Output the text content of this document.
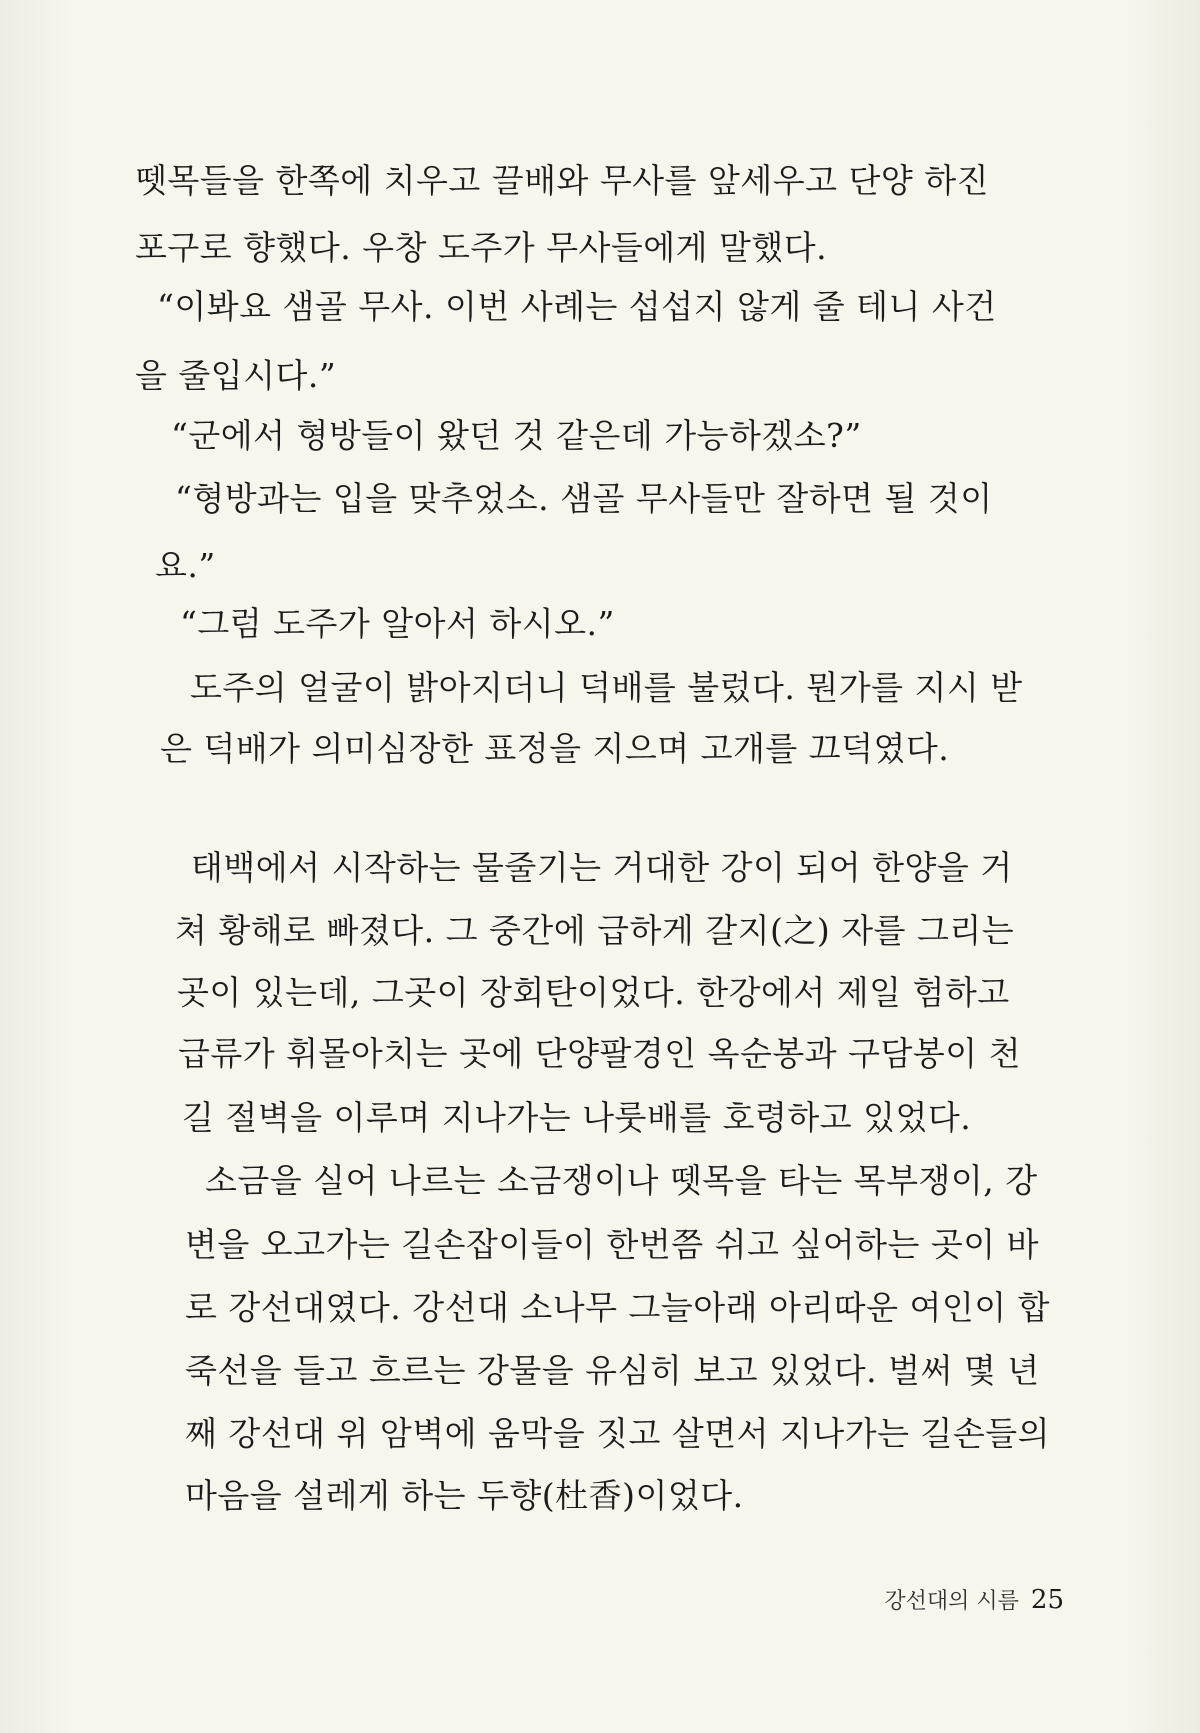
뗏목들을 한쪽에 치우고 끌배와 무사를 앞세우고 단양 하진
포구로 향했다. 우창 도주가 무사들에게 말했다.
“이봐요 샘골 무사. 이번 사례는 섭섭지 않게 줄 테니 사건
을 줄입시다.”
“군에서 형방들이 왔던 것 같은데 가능하겠소?”
“형방과는 입을 맞추었소. 샘골 무사들만 잘하면 될 것이
요.”
“그럼 도주가 알아서 하시오.”
도주의 얼굴이 밝아지더니 덕배를 불렀다. 뭔가를 지시 받
은 덕배가 의미심장한 표정을 지으며 고개를 끄덕였다.
태백에서 시작하는 물줄기는 거대한 강이 되어 한양을 거
쳐 황해로 빠졌다. 그 중간에 급하게 갈지(之) 자를 그리는
곳이 있는데, 그곳이 장회탄이었다. 한강에서 제일 험하고
급류가 휘몰아치는 곳에 단양팔경인 옥순봉과 구담봉이 천
길 절벽을 이루며 지나가는 나룻배를 호령하고 있었다.
소금을 실어 나르는 소금쟁이나 뗏목을 타는 목부쟁이, 강
변을 오고가는 길손잡이들이 한번쯤 쉬고 싶어하는 곳이 바
로 강선대였다. 강선대 소나무 그늘아래 아리따운 여인이 합
죽선을 들고 흐르는 강물을 유심히 보고 있었다. 벌써 몇 년
째 강선대 위 암벽에 움막을 짓고 살면서 지나가는 길손들의
마음을 설레게 하는 두향(杜香)이었다.
강선대의 시름 25
